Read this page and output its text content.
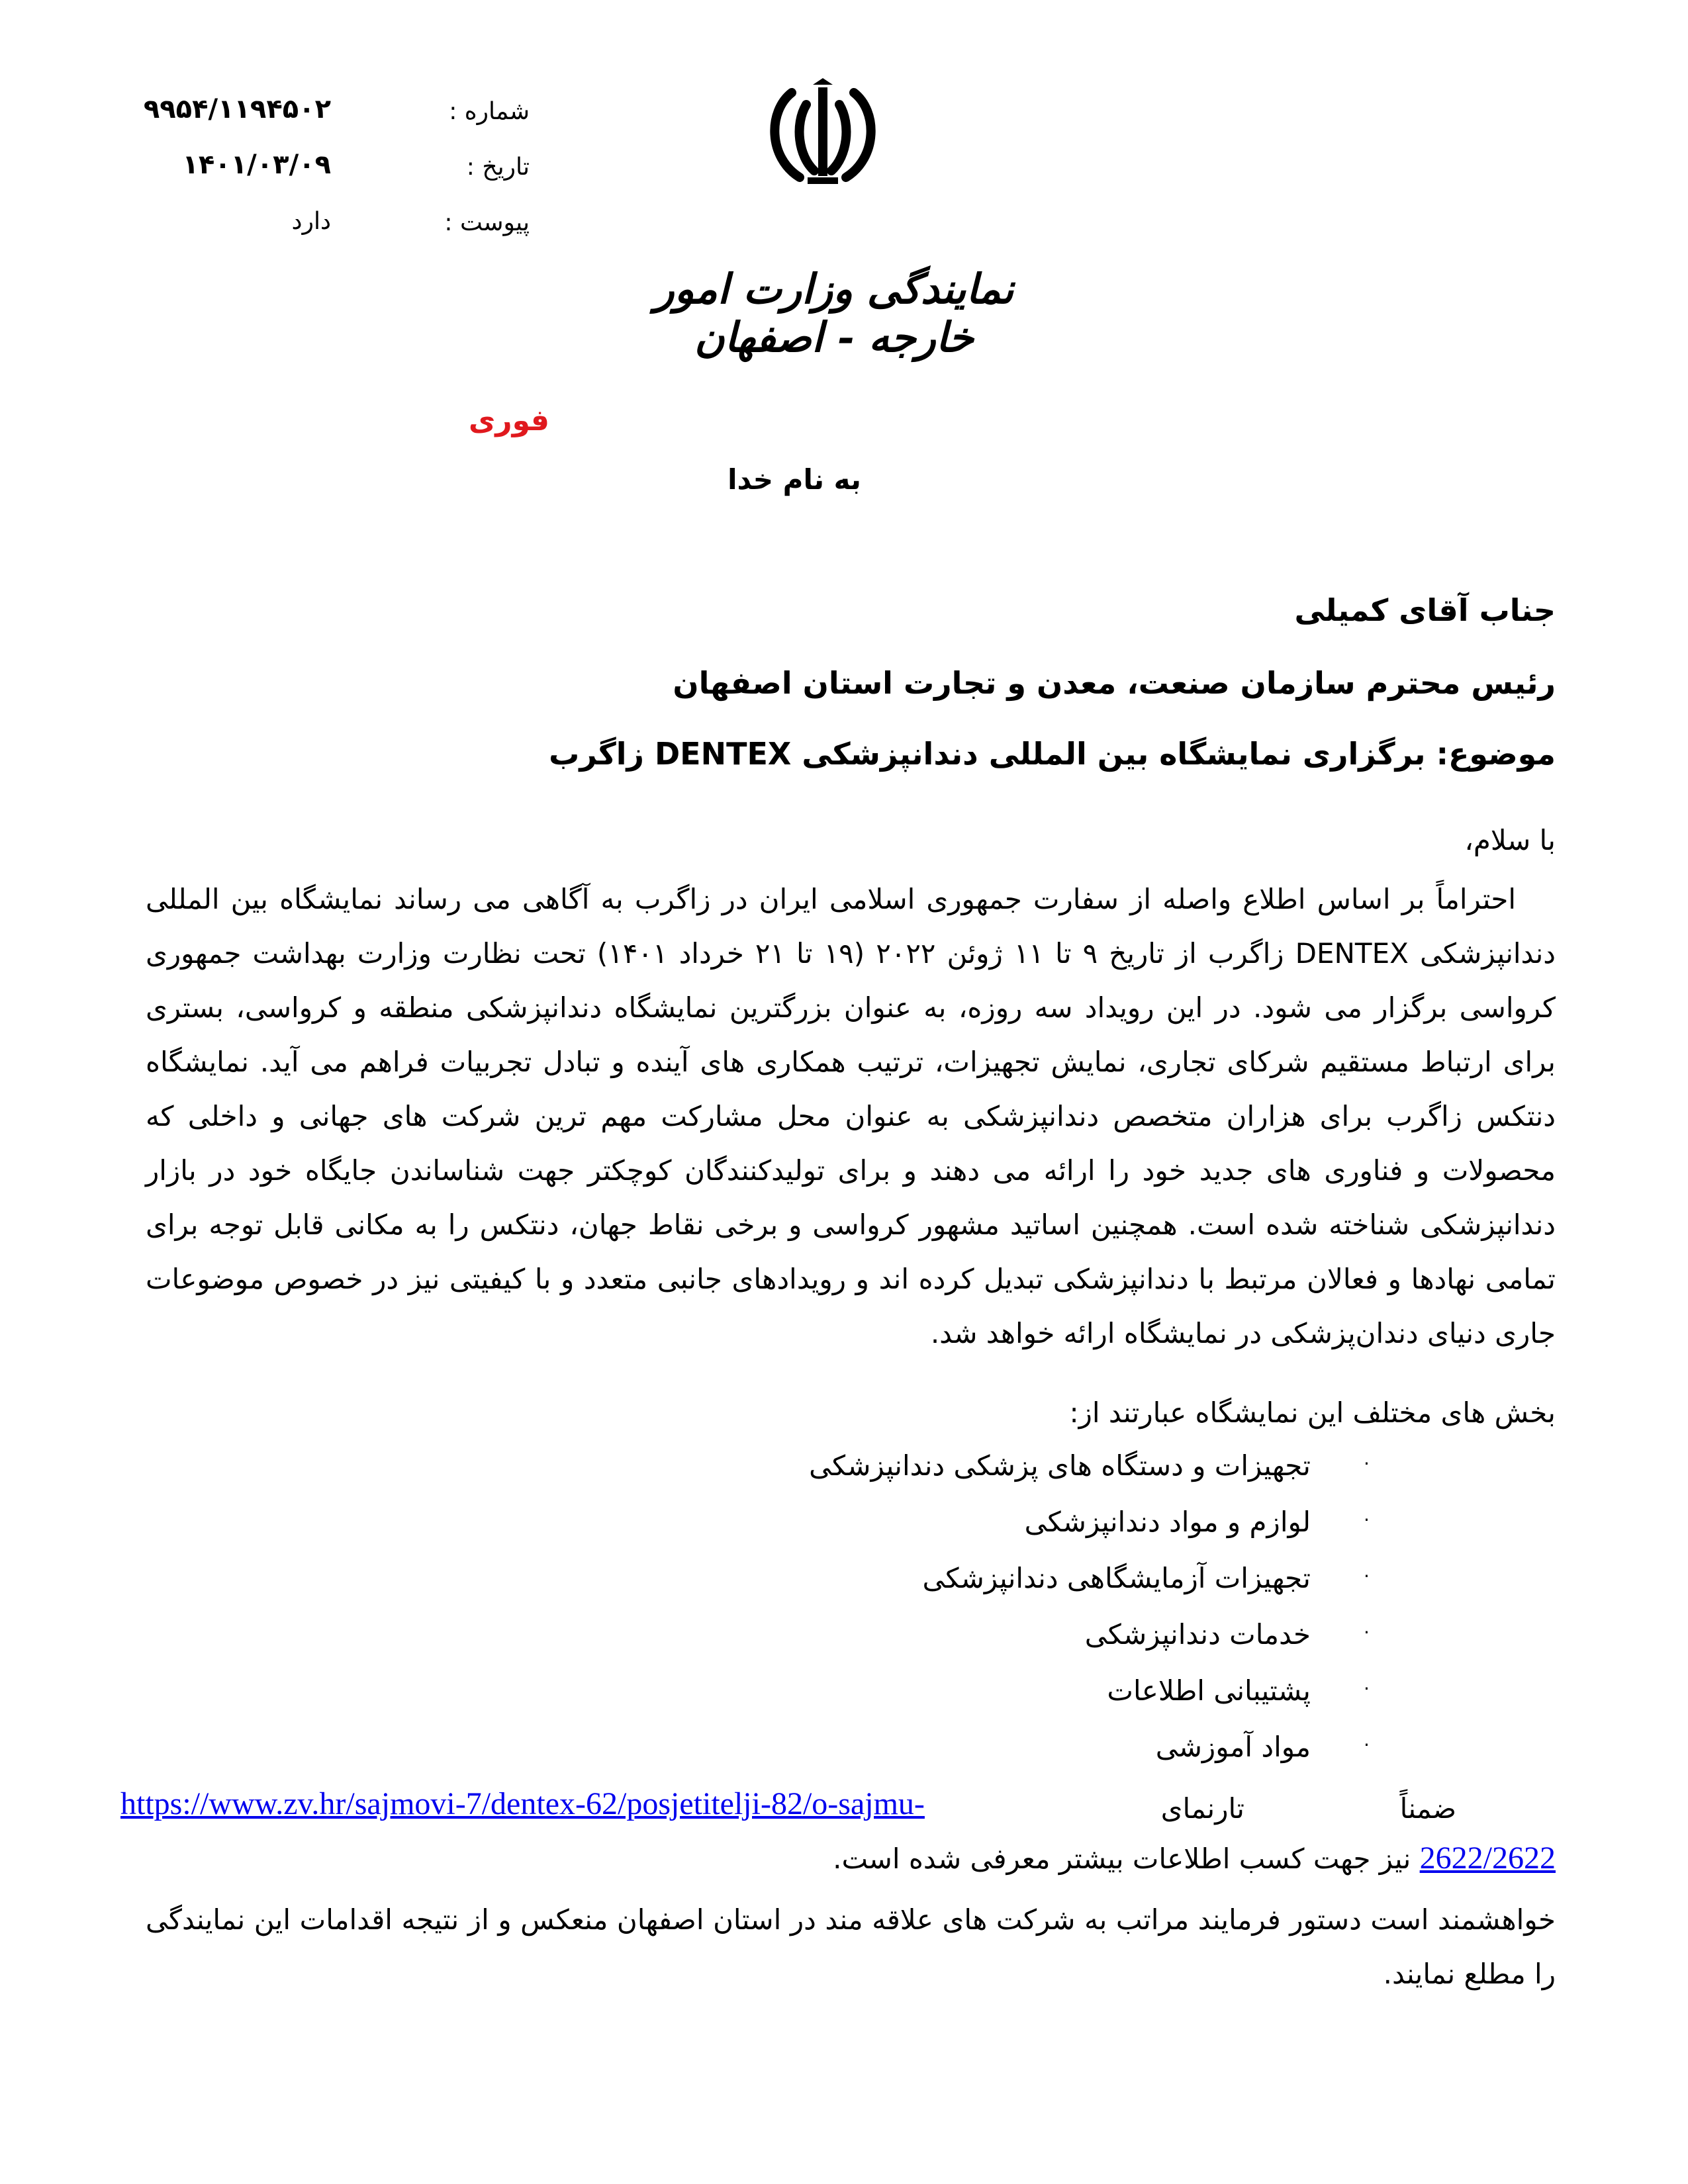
شماره :
۹۹۵۴/۱۱۹۴۵۰۲
تاریخ :
۱۴۰۱/۰۳/۰۹
پیوست :
دارد
نمایندگی وزارت امور خارجه - اصفهان
فوری
به نام خدا
جناب آقای کمیلی
رئیس محترم سازمان صنعت، معدن و تجارت استان اصفهان
موضوع: برگزاری نمایشگاه بین المللی دندانپزشکی DENTEX زاگرب
با سلام،
احتراماً بر اساس اطلاع واصله از سفارت جمهوری اسلامی ایران در زاگرب به آگاهی می رساند نمایشگاه بین المللی دندانپزشکی DENTEX زاگرب از تاریخ ۹ تا ۱۱ ژوئن ۲۰۲۲ (۱۹ تا ۲۱ خرداد ۱۴۰۱) تحت نظارت وزارت بهداشت جمهوری کرواسی برگزار می شود. در این رویداد سه روزه، به عنوان بزرگترین نمایشگاه دندانپزشکی منطقه و کرواسی، بستری برای ارتباط مستقیم شرکای تجاری، نمایش تجهیزات، ترتیب همکاری های آینده و تبادل تجربیات فراهم می آید. نمایشگاه دنتکس زاگرب برای هزاران متخصص دندانپزشکی به عنوان محل مشارکت مهم ترین شرکت های جهانی و داخلی که محصولات و فناوری های جدید خود را ارائه می دهند و برای تولیدکنندگان کوچکتر جهت شناساندن جایگاه خود در بازار دندانپزشکی شناخته شده است. همچنین اساتید مشهور کرواسی و برخی نقاط جهان، دنتکس را به مکانی قابل توجه برای تمامی نهادها و فعالان مرتبط با دندانپزشکی تبدیل کرده اند و رویدادهای جانبی متعدد و با کیفیتی نیز در خصوص موضوعات جاری دنیای دندان‌پزشکی در نمایشگاه ارائه خواهد شد.
بخش های مختلف این نمایشگاه عبارتند از:
تجهیزات و دستگاه های پزشکی دندانپزشکی
لوازم و مواد دندانپزشکی
تجهیزات آزمایشگاهی دندانپزشکی
خدمات دندانپزشکی
پشتیبانی اطلاعات
مواد آموزشی
·
·
·
·
·
·
ضمناً
تارنمای
https://www.zv.hr/sajmovi-7/dentex-62/posjetitelji-82/o-sajmu-
2622/2622 نیز جهت کسب اطلاعات بیشتر معرفی شده است.
خواهشمند است دستور فرمایند مراتب به شرکت های علاقه مند در استان اصفهان منعکس و از نتیجه اقدامات این نمایندگی را مطلع نمایند.
